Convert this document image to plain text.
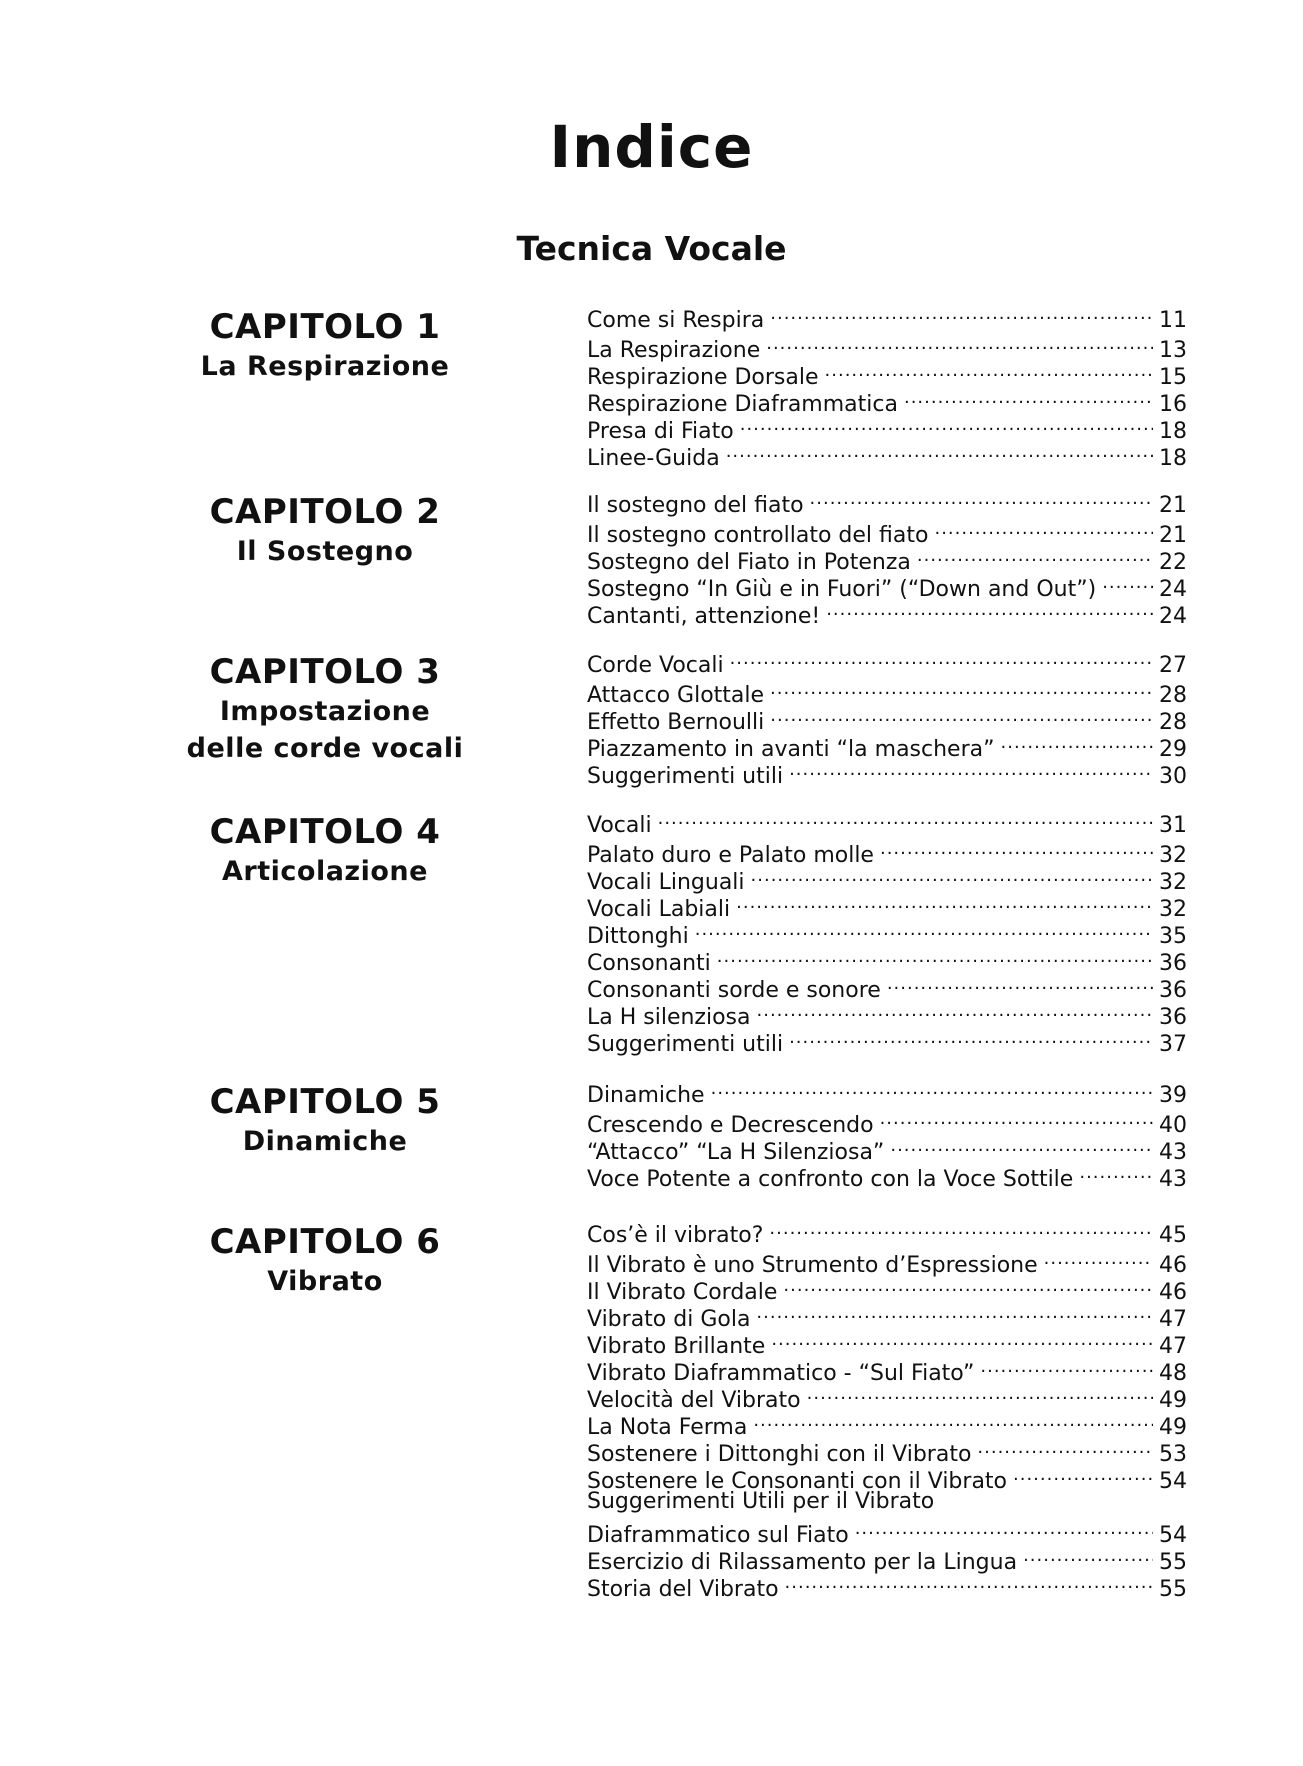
Indice
Tecnica Vocale
CAPITOLO 1
La Respirazione
Come si Respira .....	11
La Respirazione .....	13
Respirazione Dorsale .....	15
Respirazione Diaframmatica .....	16
Presa di Fiato .....	18
Linee-Guida .....	18
CAPITOLO 2
Il Sostegno
Il sostegno del fiato .....	21
Il sostegno controllato del fiato .....	21
Sostegno del Fiato in Potenza .....	22
Sostegno “In Giù e in Fuori” (“Down and Out”) .....	24
Cantanti, attenzione! .....	24
CAPITOLO 3
Impostazione
delle corde vocali
Corde Vocali .....	27
Attacco Glottale .....	28
Effetto Bernoulli .....	28
Piazzamento in avanti “la maschera” .....	29
Suggerimenti utili .....	30
CAPITOLO 4
Articolazione
Vocali .....	31
Palato duro e Palato molle .....	32
Vocali Linguali .....	32
Vocali Labiali .....	32
Dittonghi .....	35
Consonanti .....	36
Consonanti sorde e sonore .....	36
La H silenziosa .....	36
Suggerimenti utili .....	37
CAPITOLO 5
Dinamiche
Dinamiche .....	39
Crescendo e Decrescendo .....	40
“Attacco” “La H Silenziosa” .....	43
Voce Potente a confronto con la Voce Sottile .....	43
CAPITOLO 6
Vibrato
Cos’è il vibrato? .....	45
Il Vibrato è uno Strumento d’Espressione .....	46
Il Vibrato Cordale .....	46
Vibrato di Gola .....	47
Vibrato Brillante .....	47
Vibrato Diaframmatico - “Sul Fiato” .....	48
Velocità del Vibrato .....	49
La Nota Ferma .....	49
Sostenere i Dittonghi con il Vibrato .....	53
Sostenere le Consonanti con il Vibrato .....	54
Suggerimenti Utili per il Vibrato
Diaframmatico sul Fiato .....	54
Esercizio di Rilassamento per la Lingua .....	55
Storia del Vibrato .....	55
